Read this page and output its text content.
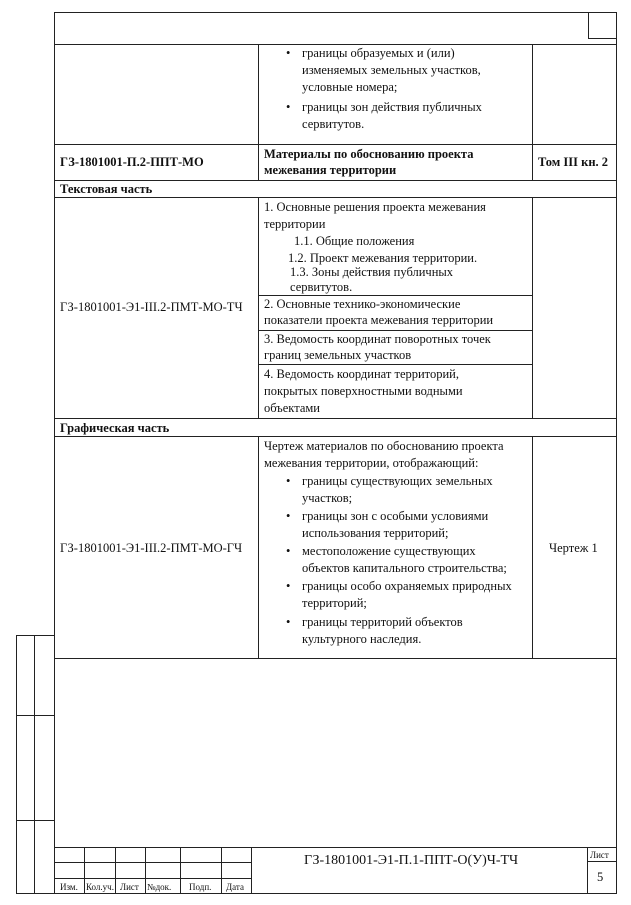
• границы образуемых и (или)
изменяемых земельных участков,
условные номера;
• границы зон действия публичных
сервитутов.
ГЗ-1801001-П.2-ППТ-МО
Материалы по обоснованию проекта
межевания территории
Том III кн. 2
Текстовая часть
ГЗ-1801001-Э1-III.2-ПМТ-МО-ТЧ
1. Основные решения проекта межевания
территории
1.1. Общие положения
1.2. Проект межевания территории.
1.3. Зоны действия публичных
сервитутов.
2. Основные технико-экономические
показатели проекта межевания территории
3. Ведомость координат поворотных точек
границ земельных участков
4. Ведомость координат территорий,
покрытых поверхностными водными
объектами
Графическая часть
ГЗ-1801001-Э1-III.2-ПМТ-МО-ГЧ
Чертеж материалов по обоснованию проекта
межевания территории, отображающий:
• границы существующих земельных
участков;
• границы зон с особыми условиями
использования территорий;
• местоположение существующих
объектов капитального строительства;
• границы особо охраняемых природных
территорий;
• границы территорий объектов
культурного наследия.
Чертеж 1
Изм. Кол.уч. Лист №док. Подп. Дата
ГЗ-1801001-Э1-П.1-ППТ-О(У)Ч-ТЧ	Лист
5
